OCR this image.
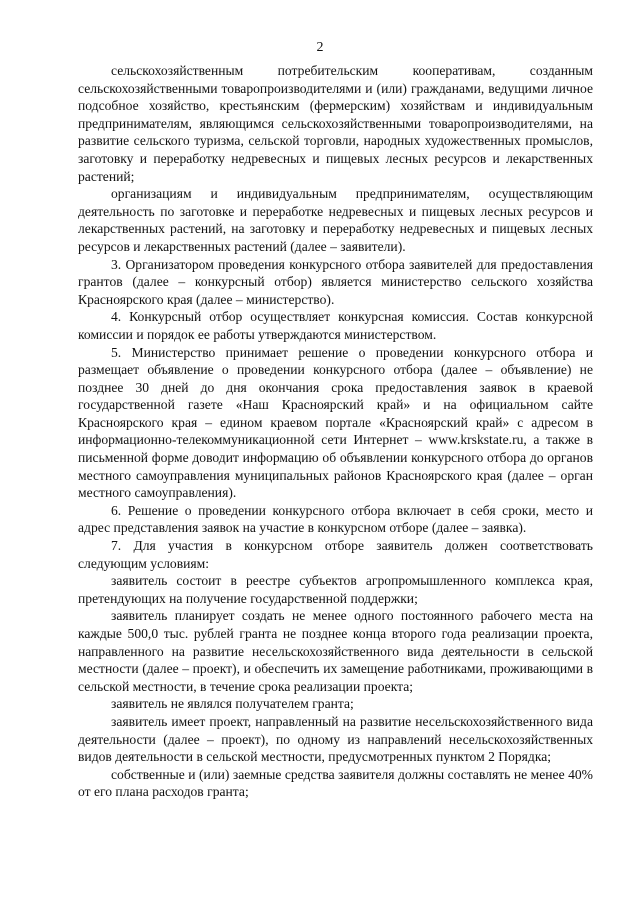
2

сельскохозяйственным потребительским кооперативам, созданным сельскохозяйственными товаропроизводителями и (или) гражданами, ведущими личное подсобное хозяйство, крестьянским (фермерским) хозяйствам и индивидуальным предпринимателям, являющимся сельскохозяйственными товаропроизводителями, на развитие сельского туризма, сельской торговли, народных художественных промыслов, заготовку и переработку недревесных и пищевых лесных ресурсов и лекарственных растений;

организациям и индивидуальным предпринимателям, осуществляющим деятельность по заготовке и переработке недревесных и пищевых лесных ресурсов и лекарственных растений, на заготовку и переработку недревесных и пищевых лесных ресурсов и лекарственных растений (далее – заявители).

3. Организатором проведения конкурсного отбора заявителей для предоставления грантов (далее – конкурсный отбор) является министерство сельского хозяйства Красноярского края (далее – министерство).

4. Конкурсный отбор осуществляет конкурсная комиссия. Состав конкурсной комиссии и порядок ее работы утверждаются министерством.

5. Министерство принимает решение о проведении конкурсного отбора и размещает объявление о проведении конкурсного отбора (далее – объявление) не позднее 30 дней до дня окончания срока предоставления заявок в краевой государственной газете «Наш Красноярский край» и на официальном сайте Красноярского края – едином краевом портале «Красноярский край» с адресом в информационно-телекоммуникационной сети Интернет – www.krskstate.ru, а также в письменной форме доводит информацию об объявлении конкурсного отбора до органов местного самоуправления муниципальных районов Красноярского края (далее – орган местного самоуправления).

6. Решение о проведении конкурсного отбора включает в себя сроки, место и адрес представления заявок на участие в конкурсном отборе (далее – заявка).

7. Для участия в конкурсном отборе заявитель должен соответствовать следующим условиям:

заявитель состоит в реестре субъектов агропромышленного комплекса края, претендующих на получение государственной поддержки;

заявитель планирует создать не менее одного постоянного рабочего места на каждые 500,0 тыс. рублей гранта не позднее конца второго года реализации проекта, направленного на развитие несельскохозяйственного вида деятельности в сельской местности (далее – проект), и обеспечить их замещение работниками, проживающими в сельской местности, в течение срока реализации проекта;

заявитель не являлся получателем гранта;

заявитель имеет проект, направленный на развитие несельскохозяйственного вида деятельности (далее – проект), по одному из направлений несельскохозяйственных видов деятельности в сельской местности, предусмотренных пунктом 2 Порядка;

собственные и (или) заемные средства заявителя должны составлять не менее 40% от его плана расходов гранта;
